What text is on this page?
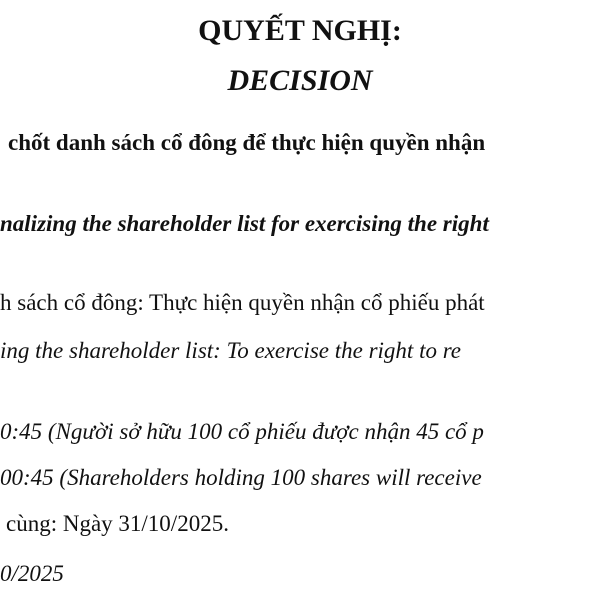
QUYẾT NGHỊ:
DECISION
chốt danh sách cổ đông để thực hiện quyền nhận
nalizing the shareholder list for exercising the right
h sách cổ đông: Thực hiện quyền nhận cổ phiếu phát
ing the shareholder list: To exercise the right to re
0:45 (Người sở hữu 100 cổ phiếu được nhận 45 cổ p
00:45 (Shareholders holding 100 shares will receive
cùng: Ngày 31/10/2025.
0/2025
